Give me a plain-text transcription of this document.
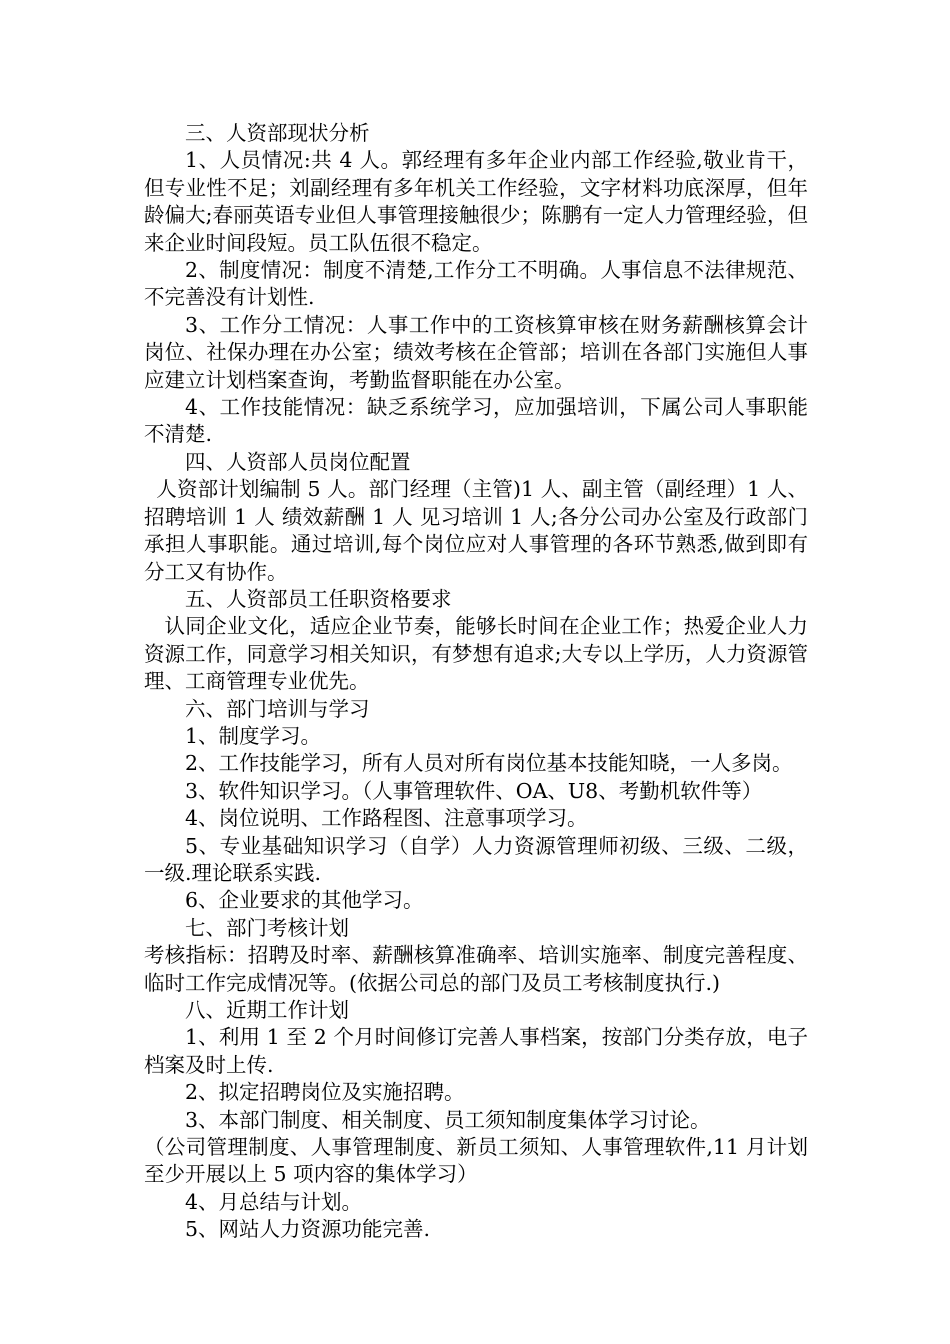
三、人资部现状分析

1、人员情况:共 4 人。郭经理有多年企业内部工作经验,敬业肯干，但专业性不足；刘副经理有多年机关工作经验，文字材料功底深厚，但年龄偏大;春丽英语专业但人事管理接触很少；陈鹏有一定人力管理经验，但来企业时间段短。员工队伍很不稳定。

2、制度情况：制度不清楚,工作分工不明确。人事信息不法律规范、不完善没有计划性.

3、工作分工情况：人事工作中的工资核算审核在财务薪酬核算会计岗位、社保办理在办公室；绩效考核在企管部；培训在各部门实施但人事应建立计划档案查询，考勤监督职能在办公室。

4、工作技能情况：缺乏系统学习，应加强培训，下属公司人事职能不清楚.

四、人资部人员岗位配置

人资部计划编制 5 人。部门经理（主管)1 人、副主管（副经理）1 人、招聘培训 1 人 绩效薪酬 1 人 见习培训 1 人;各分公司办公室及行政部门承担人事职能。通过培训,每个岗位应对人事管理的各环节熟悉,做到即有分工又有协作。

五、人资部员工任职资格要求

认同企业文化，适应企业节奏，能够长时间在企业工作；热爱企业人力资源工作，同意学习相关知识，有梦想有追求;大专以上学历，人力资源管理、工商管理专业优先。

六、部门培训与学习

1、制度学习。

2、工作技能学习，所有人员对所有岗位基本技能知晓，一人多岗。

3、软件知识学习。（人事管理软件、OA、U8、考勤机软件等）

4、岗位说明、工作路程图、注意事项学习。

5、专业基础知识学习（自学）人力资源管理师初级、三级、二级，一级.理论联系实践.

6、企业要求的其他学习。

七、部门考核计划

考核指标：招聘及时率、薪酬核算准确率、培训实施率、制度完善程度、临时工作完成情况等。(依据公司总的部门及员工考核制度执行.)

八、近期工作计划

1、利用 1 至 2 个月时间修订完善人事档案，按部门分类存放，电子档案及时上传.

2、拟定招聘岗位及实施招聘。

3、本部门制度、相关制度、员工须知制度集体学习讨论。

（公司管理制度、人事管理制度、新员工须知、人事管理软件,11 月计划至少开展以上 5 项内容的集体学习）

4、月总结与计划。

5、网站人力资源功能完善.
